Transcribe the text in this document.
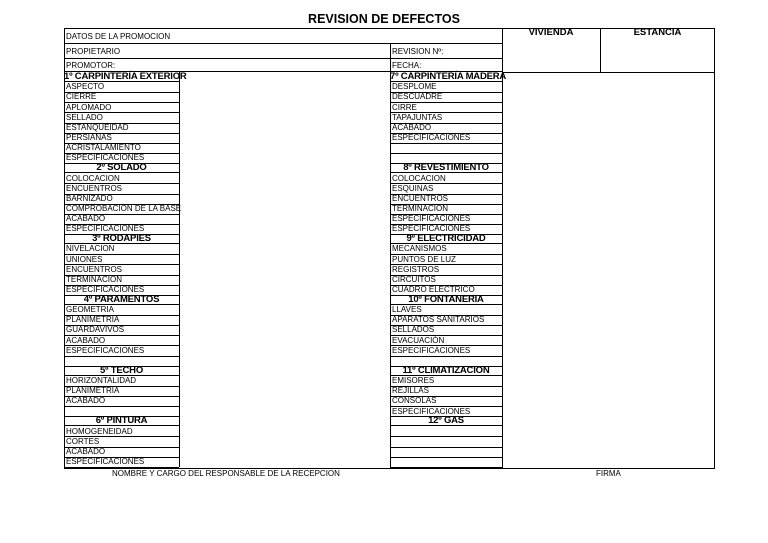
REVISION DE DEFECTOS
DATOS DE LA PROMOCION
PROPIETARIO
PROMOTOR:
REVISION Nº:
FECHA:
VIVIENDA	ESTANCIA
1º CARPINTERÍA EXTERIOR
ASPECTO
CIERRE
APLOMADO
SELLADO
ESTANQUEIDAD
PERSIANAS
ACRISTALAMIENTO
ESPECIFICACIONES
2º SOLADO
COLOCACION
ENCUENTROS
BARNIZADO
COMPROBACION DE LA BASE
ACABADO
ESPECIFICACIONES
3º RODAPIES
NIVELACION
UNIONES
ENCUENTROS
TERMINACION
ESPECIFICACIONES
4º PARAMENTOS
GEOMETRIA
PLANIMETRIA
GUARDAVIVOS
ACABADO
ESPECIFICACIONES
5º TECHO
HORIZONTALIDAD
PLANIMETRIA
ACABADO
6º PINTURA
HOMOGENEIDAD
CORTES
ACABADO
ESPECIFICACIONES
7º CARPINTERÍA MADERA
DESPLOME
DESCUADRE
CIRRE
TAPAJUNTAS
ACABADO
ESPECIFICACIONES
8º REVESTIMIENTO
COLOCACION
ESQUINAS
ENCUENTROS
TERMINACION
ESPECIFICACIONES
ESPECIFICACIONES
9º ELECTRICIDAD
MECANISMOS
PUNTOS DE LUZ
REGISTROS
CIRCUITOS
CUADRO ELECTRICO
10º FONTANERIA
LLAVES
APARATOS SANITARIOS
SELLADOS
EVACUACIÓN
ESPECIFICACIONES
11º CLIMATIZACION
EMISORES
REJILLAS
CONSOLAS
ESPECIFICACIONES
12º GAS
NOMBRE Y CARGO DEL RESPONSABLE DE LA RECEPCION	FIRMA
